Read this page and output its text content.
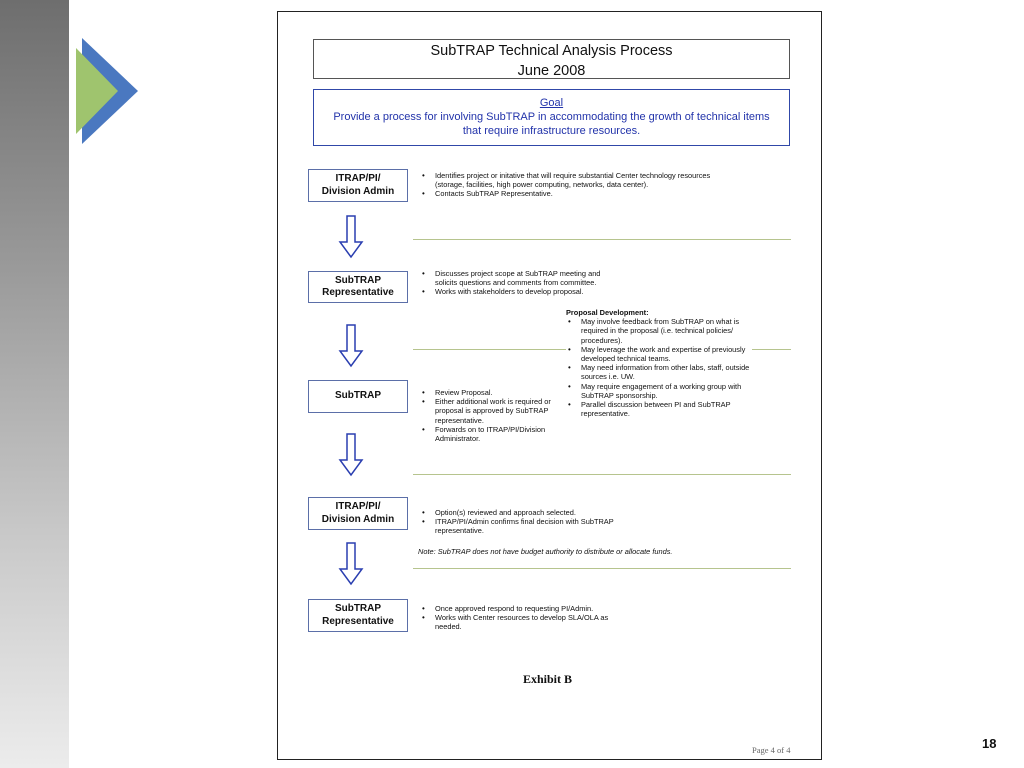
SubTRAP Technical Analysis Process
June 2008
Goal
Provide a process for involving SubTRAP in accommodating the growth of technical items
that require infrastructure resources.
ITRAP/PI/
Division Admin
• Identifies project or initative that will require substantial Center technology resources (storage, facilities, high power computing, networks, data center).
• Contacts SubTRAP Representative.
SubTRAP
Representative
• Discusses project scope at SubTRAP meeting and solicits questions and comments from committee.
• Works with stakeholders to develop proposal.
Proposal Development:
• May involve feedback from SubTRAP on what is required in the proposal (i.e. technical policies/ procedures).
• May leverage the work and expertise of previously developed technical teams.
• May need information from other labs, staff, outside sources i.e. UW.
• May require engagement of a working group with SubTRAP sponsorship.
• Parallel discussion between PI and SubTRAP representative.
SubTRAP
•	Review Proposal.
• Either additional work is required or proposal is approved by SubTRAP representative.
• Forwards on to ITRAP/PI/Division Administrator.
ITRAP/PI/
Division Admin
• Option(s) reviewed and approach selected.
• ITRAP/PI/Admin confirms final decision with SubTRAP representative.
Note: SubTRAP does not have budget authority to distribute or allocate funds.
SubTRAP
Representative
• Once approved respond to requesting PI/Admin.
• Works with Center resources to develop SLA/OLA as needed.
Exhibit B
Page 4 of 4	18
